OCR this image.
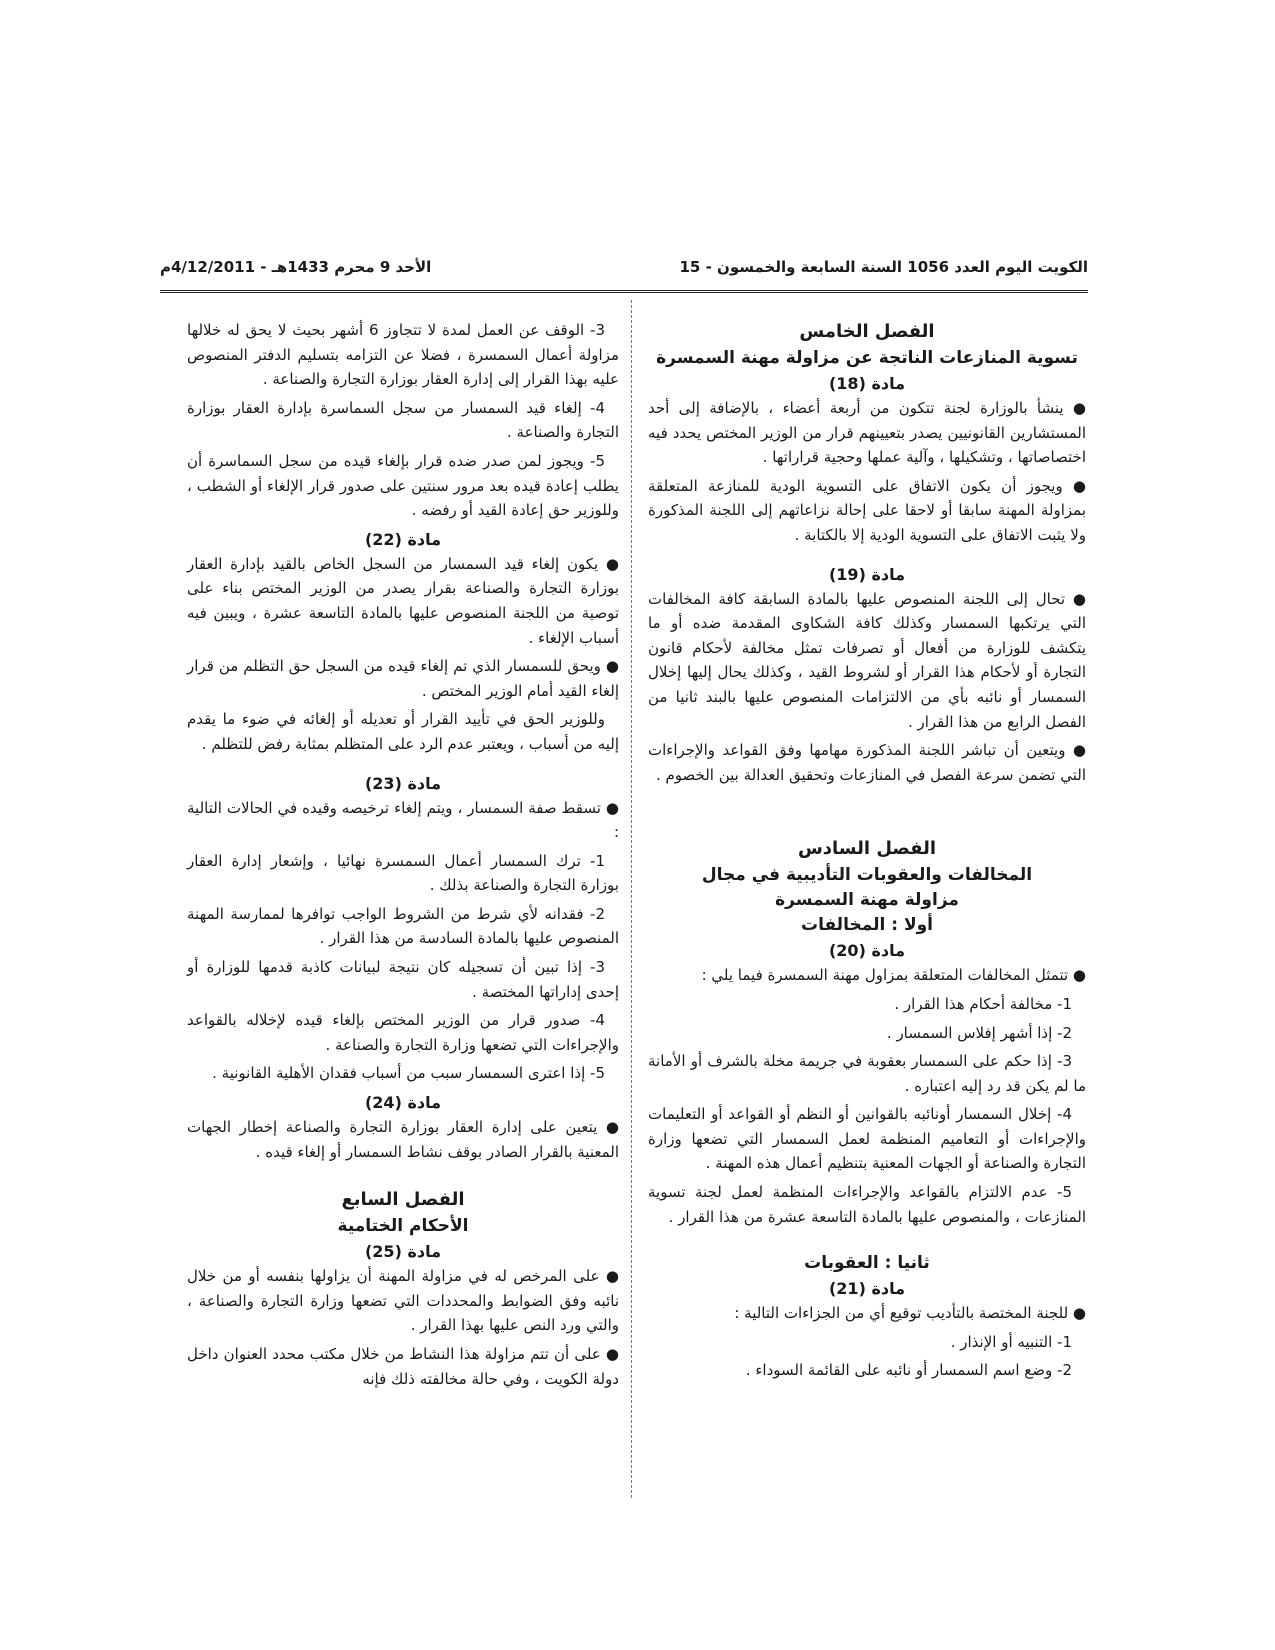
الكويت اليوم العدد 1056 السنة السابعة والخمسون - 15
الأحد 9 محرم 1433هـ - 4/12/2011م
الفصل الخامس
تسوية المنازعات الناتجة عن مزاولة مهنة السمسرة
مادة (18)

● ينشأ بالوزارة لجنة تتكون من أربعة أعضاء ، بالإضافة إلى أحد المستشارين القانونيين يصدر بتعيينهم قرار من الوزير المختص يحدد فيه اختصاصاتها ، وتشكيلها ، وآلية عملها وحجية قراراتها .

● ويجوز أن يكون الاتفاق على التسوية الودية للمنازعة المتعلقة بمزاولة المهنة سابقا أو لاحقا على إحالة نزاعاتهم إلى اللجنة المذكورة ولا يثبت الاتفاق على التسوية الودية إلا بالكتابة .

مادة (19)

● تحال إلى اللجنة المنصوص عليها بالمادة السابقة كافة المخالفات التي يرتكبها السمسار وكذلك كافة الشكاوى المقدمة ضده أو ما يتكشف للوزارة من أفعال أو تصرفات تمثل مخالفة لأحكام قانون التجارة أو لأحكام هذا القرار أو لشروط القيد ، وكذلك يحال إليها إخلال السمسار أو نائبه بأي من الالتزامات المنصوص عليها بالبند ثانيا من الفصل الرابع من هذا القرار .

● ويتعين أن تباشر اللجنة المذكورة مهامها وفق القواعد والإجراءات التي تضمن سرعة الفصل في المنازعات وتحقيق العدالة بين الخصوم .

الفصل السادس
المخالفات والعقوبات التأديبية في مجال
مزاولة مهنة السمسرة
أولا : المخالفات
مادة (20)

● تتمثل المخالفات المتعلقة بمزاول مهنة السمسرة فيما يلي :

1- مخالفة أحكام هذا القرار .

2- إذا أشهر إفلاس السمسار .

3- إذا حكم على السمسار بعقوبة في جريمة مخلة بالشرف أو الأمانة ما لم يكن قد رد إليه اعتباره .

4- إخلال السمسار أونائبه بالقوانين أو النظم أو القواعد أو التعليمات والإجراءات أو التعاميم المنظمة لعمل السمسار التي تضعها وزارة التجارة والصناعة أو الجهات المعنية بتنظيم أعمال هذه المهنة .

5- عدم الالتزام بالقواعد والإجراءات المنظمة لعمل لجنة تسوية المنازعات ، والمنصوص عليها بالمادة التاسعة عشرة من هذا القرار .

ثانيا : العقوبات
مادة (21)

● للجنة المختصة بالتأديب توقيع أي من الجزاءات التالية :

1- التنبيه أو الإنذار .

2- وضع اسم السمسار أو نائبه على القائمة السوداء .

3- الوقف عن العمل لمدة لا تتجاوز 6 أشهر بحيث لا يحق له خلالها مزاولة أعمال السمسرة ، فضلا عن التزامه بتسليم الدفتر المنصوص عليه بهذا القرار إلى إدارة العقار بوزارة التجارة والصناعة .

4- إلغاء قيد السمسار من سجل السماسرة بإدارة العقار بوزارة التجارة والصناعة .

5- ويجوز لمن صدر ضده قرار بإلغاء قيده من سجل السماسرة أن يطلب إعادة قيده بعد مرور سنتين على صدور قرار الإلغاء أو الشطب ، وللوزير حق إعادة القيد أو رفضه .

مادة (22)

● يكون إلغاء قيد السمسار من السجل الخاص بالقيد بإدارة العقار بوزارة التجارة والصناعة بقرار يصدر من الوزير المختص بناء على توصية من اللجنة المنصوص عليها بالمادة التاسعة عشرة ، ويبين فيه أسباب الإلغاء .

● ويحق للسمسار الذي تم إلغاء قيده من السجل حق التظلم من قرار إلغاء القيد أمام الوزير المختص .

وللوزير الحق في تأييد القرار أو تعديله أو إلغائه في ضوء ما يقدم إليه من أسباب ، ويعتبر عدم الرد على المتظلم بمثابة رفض للتظلم .

مادة (23)

● تسقط صفة السمسار ، ويتم إلغاء ترخيصه وقيده في الحالات التالية :

1- ترك السمسار أعمال السمسرة نهائيا ، وإشعار إدارة العقار بوزارة التجارة والصناعة بذلك .

2- فقدانه لأي شرط من الشروط الواجب توافرها لممارسة المهنة المنصوص عليها بالمادة السادسة من هذا القرار .

3- إذا تبين أن تسجيله كان نتيجة لبيانات كاذبة قدمها للوزارة أو إحدى إداراتها المختصة .

4- صدور قرار من الوزير المختص بإلغاء قيده لإخلاله بالقواعد والإجراءات التي تضعها وزارة التجارة والصناعة .

5- إذا اعترى السمسار سبب من أسباب فقدان الأهلية القانونية .

مادة (24)

● يتعين على إدارة العقار بوزارة التجارة والصناعة إخطار الجهات المعنية بالقرار الصادر بوقف نشاط السمسار أو إلغاء قيده .

الفصل السابع
الأحكام الختامية
مادة (25)

● على المرخص له في مزاولة المهنة أن يزاولها بنفسه أو من خلال نائبه وفق الضوابط والمحددات التي تضعها وزارة التجارة والصناعة ، والتي ورد النص عليها بهذا القرار .

● على أن تتم مزاولة هذا النشاط من خلال مكتب محدد العنوان داخل دولة الكويت ، وفي حالة مخالفته ذلك فإنه
